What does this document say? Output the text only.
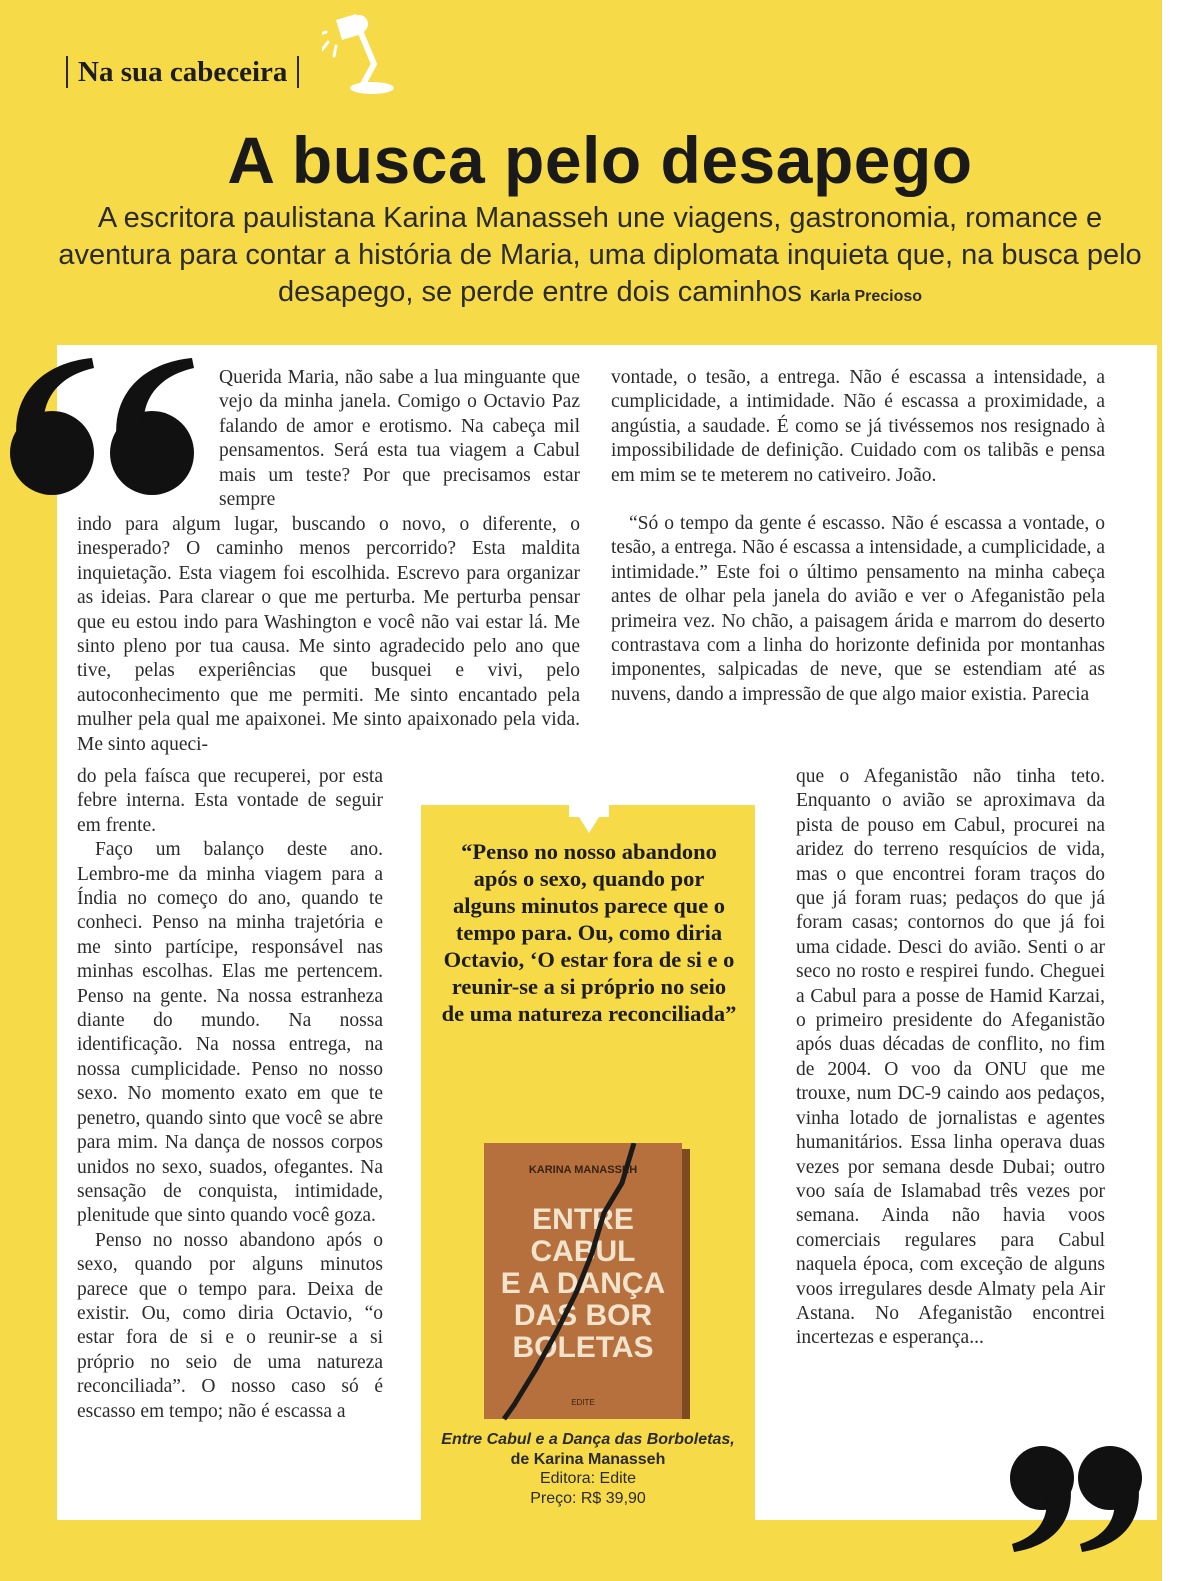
Na sua cabeceira
A busca pelo desapego

A escritora paulistana Karina Manasseh une viagens, gastronomia, romance e aventura para contar a história de Maria, uma diplomata inquieta que, na busca pelo desapego, se perde entre dois caminhos Karla Precioso

Querida Maria, não sabe a lua minguante que vejo da minha janela. Comigo o Octavio Paz falando de amor e erotismo. Na cabeça mil pensamentos. Será esta tua viagem a Cabul mais um teste? Por que precisamos estar sempre

indo para algum lugar, buscando o novo, o diferente, o inesperado? O caminho menos percorrido? Esta maldita inquietação. Esta viagem foi escolhida. Escrevo para organizar as ideias. Para clarear o que me perturba. Me perturba pensar que eu estou indo para Washington e você não vai estar lá. Me sinto pleno por tua causa. Me sinto agradecido pelo ano que tive, pelas experiências que busquei e vivi, pelo autoconhecimento que me permiti. Me sinto encantado pela mulher pela qual me apaixonei. Me sinto apaixonado pela vida. Me sinto aqueci-

do pela faísca que recuperei, por esta febre interna. Esta vontade de seguir em frente.

Faço um balanço deste ano. Lembro-me da minha viagem para a Índia no começo do ano, quando te conheci. Penso na minha trajetória e me sinto partícipe, responsável nas minhas escolhas. Elas me pertencem. Penso na gente. Na nossa estranheza diante do mundo. Na nossa identificação. Na nossa entrega, na nossa cumplicidade. Penso no nosso sexo. No momento exato em que te penetro, quando sinto que você se abre para mim. Na dança de nossos corpos unidos no sexo, suados, ofegantes. Na sensação de conquista, intimidade, plenitude que sinto quando você goza.

Penso no nosso abandono após o sexo, quando por alguns minutos parece que o tempo para. Deixa de existir. Ou, como diria Octavio, “o estar fora de si e o reunir-se a si próprio no seio de uma natureza reconciliada”. O nosso caso só é escasso em tempo; não é escassa a

vontade, o tesão, a entrega. Não é escassa a intensidade, a cumplicidade, a intimidade. Não é escassa a proximidade, a angústia, a saudade. É como se já tivéssemos nos resignado à impossibilidade de definição. Cuidado com os talibãs e pensa em mim se te meterem no cativeiro. João.

“Só o tempo da gente é escasso. Não é escassa a vontade, o tesão, a entrega. Não é escassa a intensidade, a cumplicidade, a intimidade.” Este foi o último pensamento na minha cabeça antes de olhar pela janela do avião e ver o Afeganistão pela primeira vez. No chão, a paisagem árida e marrom do deserto contrastava com a linha do horizonte definida por montanhas imponentes, salpicadas de neve, que se estendiam até as nuvens, dando a impressão de que algo maior existia. Parecia

que o Afeganistão não tinha teto. Enquanto o avião se aproximava da pista de pouso em Cabul, procurei na aridez do terreno resquícios de vida, mas o que encontrei foram traços do que já foram ruas; pedaços do que já foram casas; contornos do que já foi uma cidade. Desci do avião. Senti o ar seco no rosto e respirei fundo. Cheguei a Cabul para a posse de Hamid Karzai, o primeiro presidente do Afeganistão após duas décadas de conflito, no fim de 2004. O voo da ONU que me trouxe, num DC-9 caindo aos pedaços, vinha lotado de jornalistas e agentes humanitários. Essa linha operava duas vezes por semana desde Dubai; outro voo saía de Islamabad três vezes por semana. Ainda não havia voos comerciais regulares para Cabul naquela época, com exceção de alguns voos irregulares desde Almaty pela Air Astana. No Afeganistão encontrei incertezas e esperança...

“Penso no nosso abandono após o sexo, quando por alguns minutos parece que o tempo para. Ou, como diria Octavio, ‘O estar fora de si e o reunir-se a si próprio no seio de uma natureza reconciliada”

KARINA MANASSEH
ENTRE
CABUL
E A DANÇA
DAS BOR
BOLETAS
EDITE
Entre Cabul e a Dança das Borboletas,
de Karina Manasseh
Editora: Edite
Preço: R$ 39,90
